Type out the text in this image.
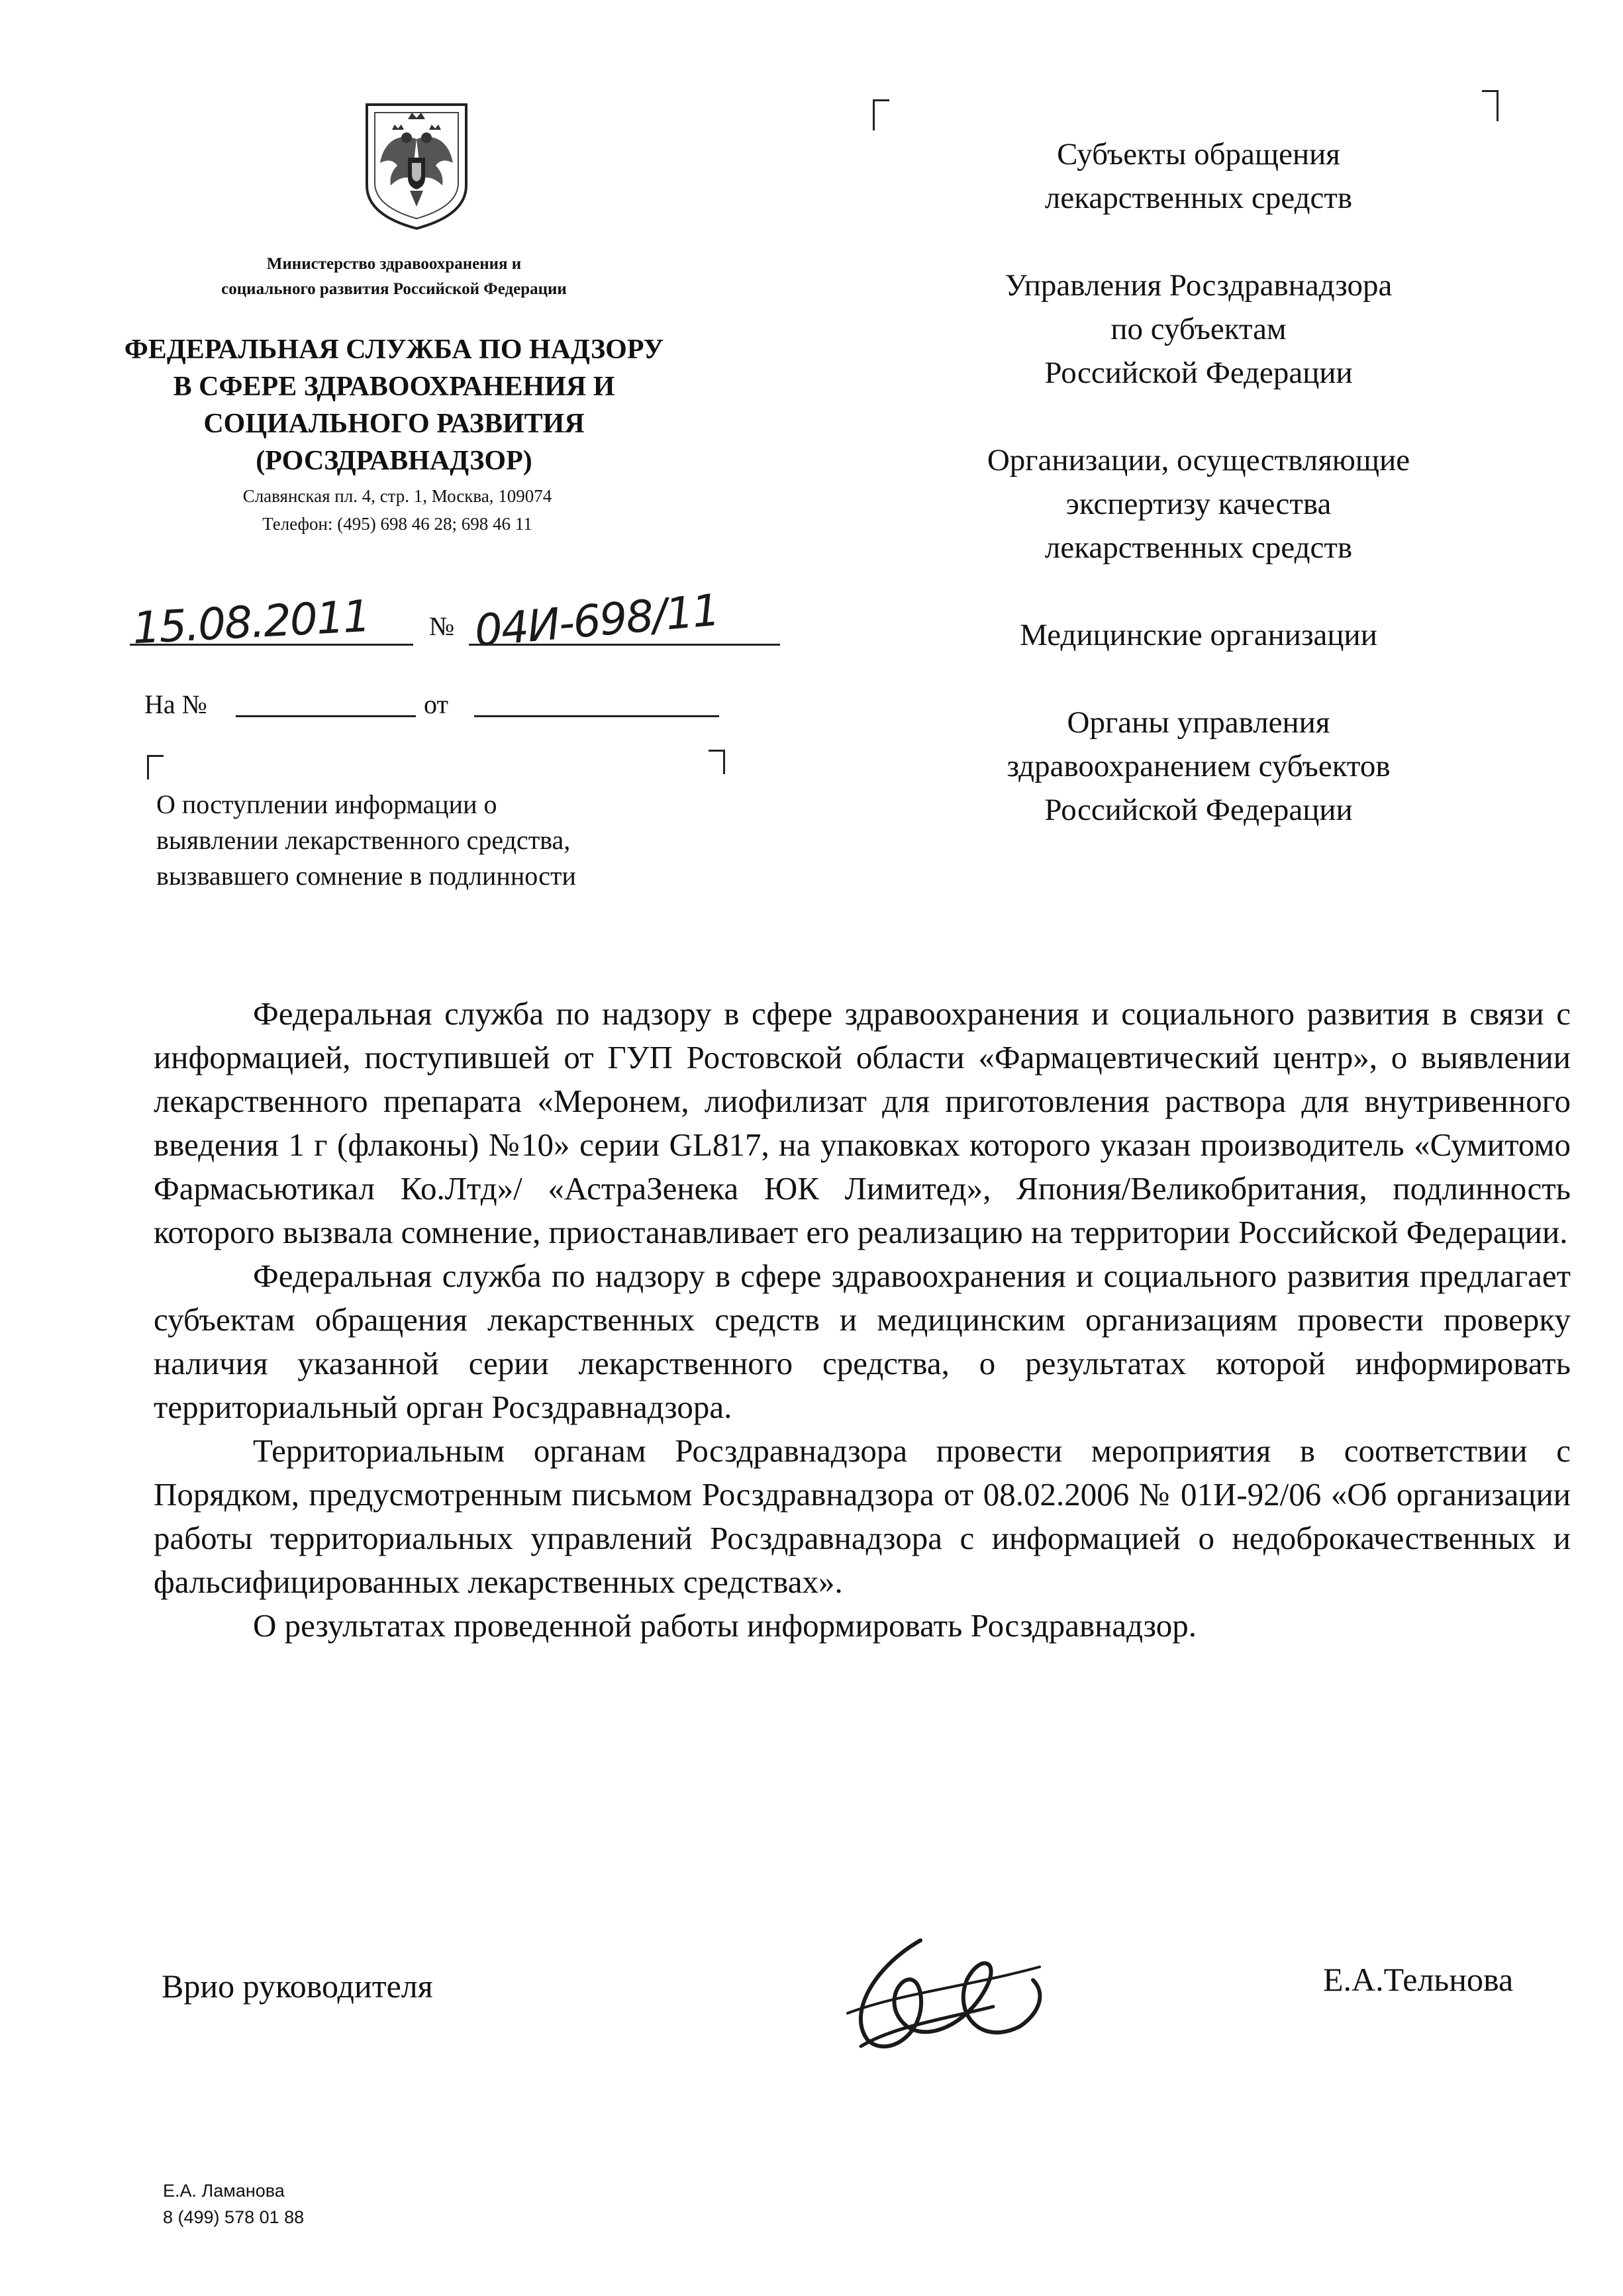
Министерство здравоохранения и
социального развития Российской Федерации
ФЕДЕРАЛЬНАЯ СЛУЖБА ПО НАДЗОРУ
В СФЕРЕ ЗДРАВООХРАНЕНИЯ И
СОЦИАЛЬНОГО РАЗВИТИЯ
(РОСЗДРАВНАДЗОР)
Славянская пл. 4, стр. 1, Москва, 109074
Телефон: (495) 698 46 28; 698 46 11
15.08.2011	№ 04И-698/11
На №	от
О поступлении информации о
выявлении лекарственного средства,
вызвавшего сомнение в подлинности
Субъекты обращения
лекарственных средств
Управления Росздравнадзора
по субъектам
Российской Федерации
Организации, осуществляющие
экспертизу качества
лекарственных средств
Медицинские организации
Органы управления
здравоохранением субъектов
Российской Федерации

Федеральная служба по надзору в сфере здравоохранения и социального развития в связи с информацией, поступившей от ГУП Ростовской области «Фармацевтический центр», о выявлении лекарственного препарата «Меронем, лиофилизат для приготовления раствора для внутривенного введения 1 г (флаконы) №10» серии GL817, на упаковках которого указан производитель «Сумитомо Фармасьютикал Ко.Лтд»/ «АстраЗенека ЮК Лимитед», Япония/Великобритания, подлинность которого вызвала сомнение, приостанавливает его реализацию на территории Российской Федерации.

Федеральная служба по надзору в сфере здравоохранения и социального развития предлагает субъектам обращения лекарственных средств и медицинским организациям провести проверку наличия указанной серии лекарственного средства, о результатах которой информировать территориальный орган Росздравнадзора.

Территориальным органам Росздравнадзора провести мероприятия в соответствии с Порядком, предусмотренным письмом Росздравнадзора от 08.02.2006 № 01И-92/06 «Об организации работы территориальных управлений Росздравнадзора с информацией о недоброкачественных и фальсифицированных лекарственных средствах».

О результатах проведенной работы информировать Росздравнадзор.

Врио руководителя	Е.А.Тельнова
Е.А. Ламанова
8 (499) 578 01 88
